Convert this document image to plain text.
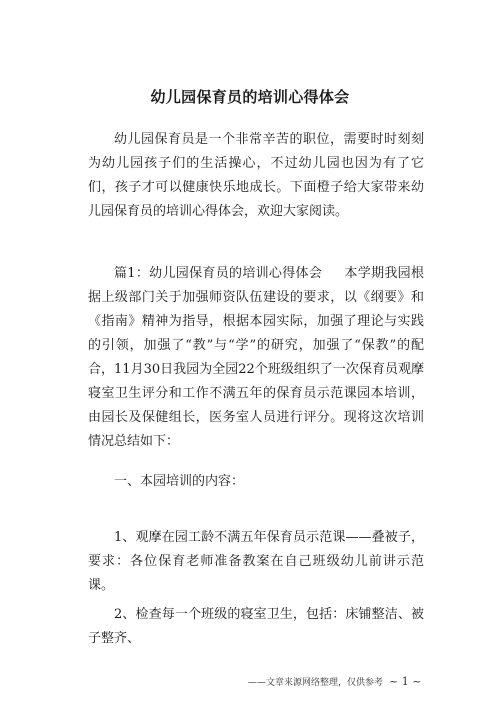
幼儿园保育员的培训心得体会

幼儿园保育员是一个非常辛苦的职位，需要时时刻刻为幼儿园孩子们的生活操心，不过幼儿园也因为有了它们，孩子才可以健康快乐地成长。下面橙子给大家带来幼儿园保育员的培训心得体会，欢迎大家阅读。

篇1：幼儿园保育员的培训心得体会 本学期我园根据上级部门关于加强师资队伍建设的要求，以《纲要》和《指南》精神为指导，根据本园实际，加强了理论与实践的引领，加强了“教”与“学”的研究，加强了“保教”的配合，11月30日我园为全园22个班级组织了一次保育员观摩寝室卫生评分和工作不满五年的保育员示范课园本培训，由园长及保健组长，医务室人员进行评分。现将这次培训情况总结如下：

一、本园培训的内容：

1、观摩在园工龄不满五年保育员示范课——叠被子，要求：各位保育老师准备教案在自己班级幼儿前讲示范课。

2、检查每一个班级的寝室卫生，包括：床铺整洁、被子整齐、

——文章来源网络整理，仅供参考 ~ 1 ~
